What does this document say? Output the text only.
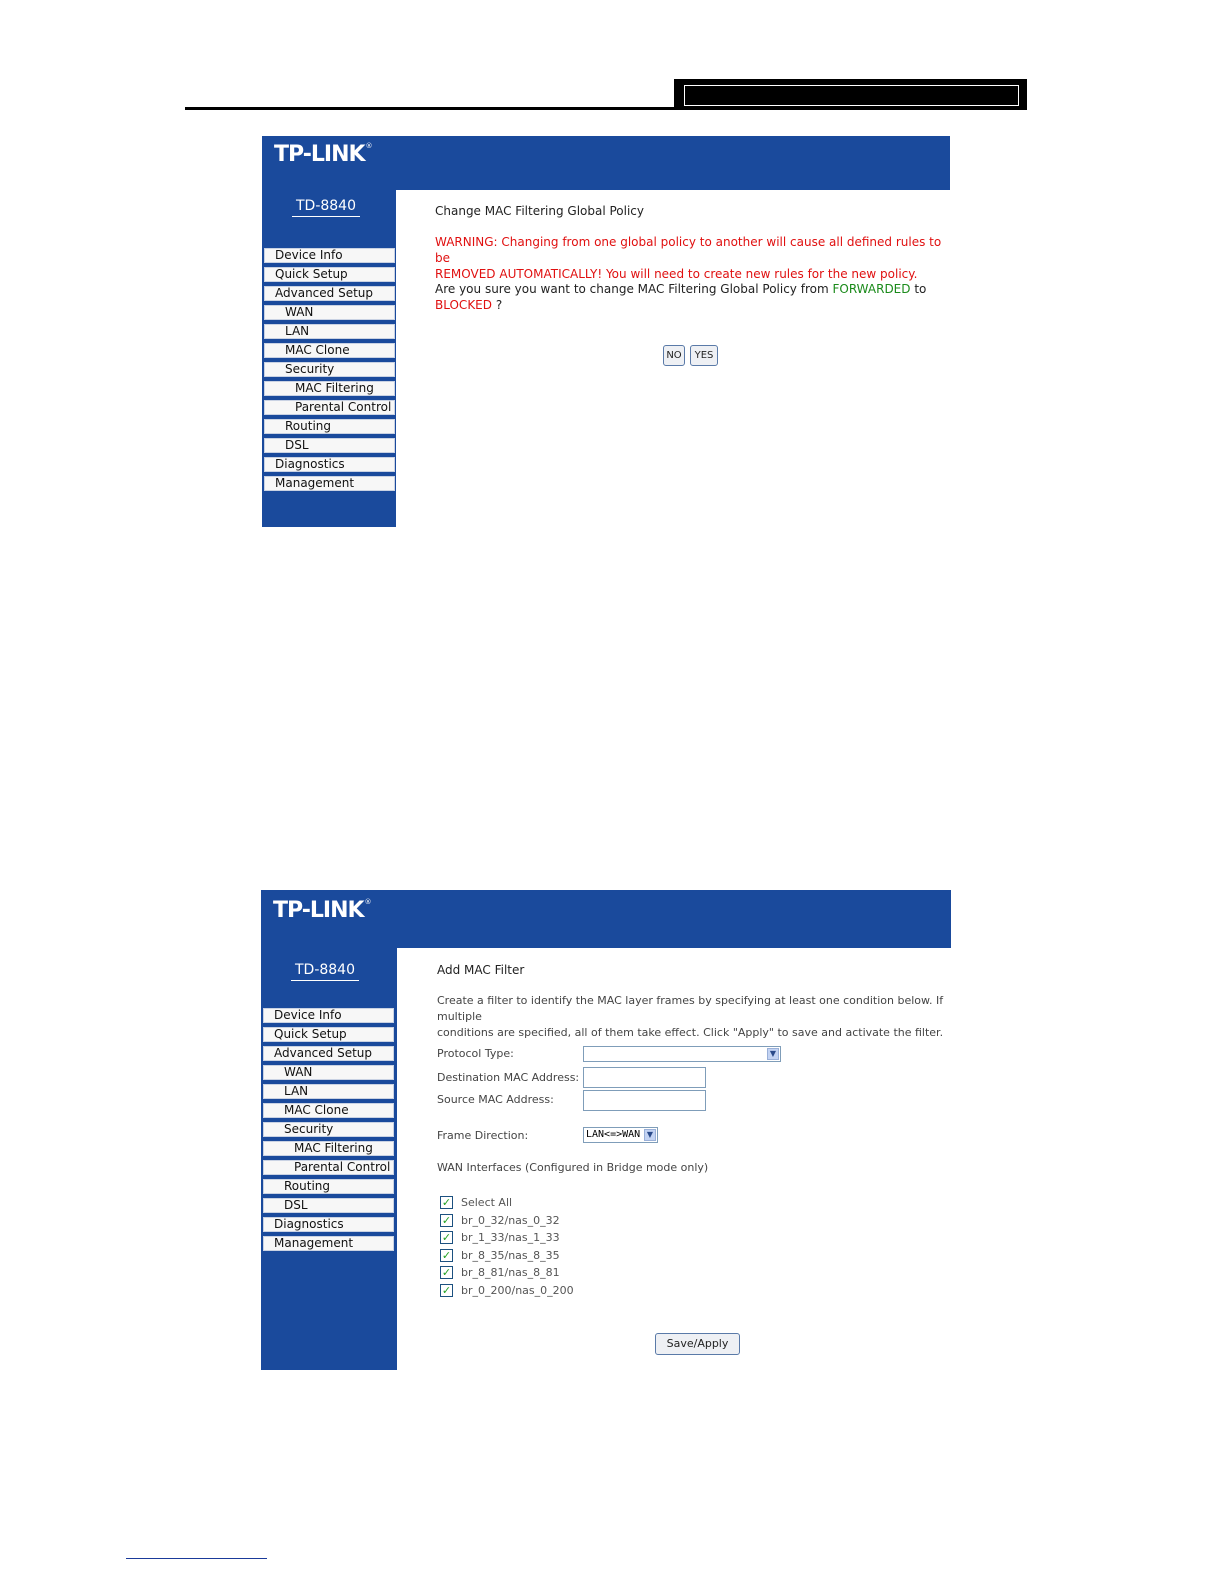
TP-LINK®
TD-8840
Device Info
Quick Setup
Advanced Setup
WAN
LAN
MAC Clone
Security
MAC Filtering
Parental Control
Routing
DSL
Diagnostics
Management
Change MAC Filtering Global Policy
WARNING: Changing from one global policy to another will cause all defined rules to be
REMOVED AUTOMATICALLY! You will need to create new rules for the new policy.
Are you sure you want to change MAC Filtering Global Policy from FORWARDED to
BLOCKED ?
NO	YES
TP-LINK®
TD-8840
Device Info
Quick Setup
Advanced Setup
WAN
LAN
MAC Clone
Security
MAC Filtering
Parental Control
Routing
DSL
Diagnostics
Management
Add MAC Filter
Create a filter to identify the MAC layer frames by specifying at least one condition below. If multiple
conditions are specified, all of them take effect. Click "Apply" to save and activate the filter.
Protocol Type:	▼
Destination MAC Address:
Source MAC Address:
Frame Direction:	LAN<=>WAN ▼
WAN Interfaces (Configured in Bridge mode only)
✓ Select All
✓ br_0_32/nas_0_32
✓ br_1_33/nas_1_33
✓ br_8_35/nas_8_35
✓ br_8_81/nas_8_81
✓ br_0_200/nas_0_200
Save/Apply
